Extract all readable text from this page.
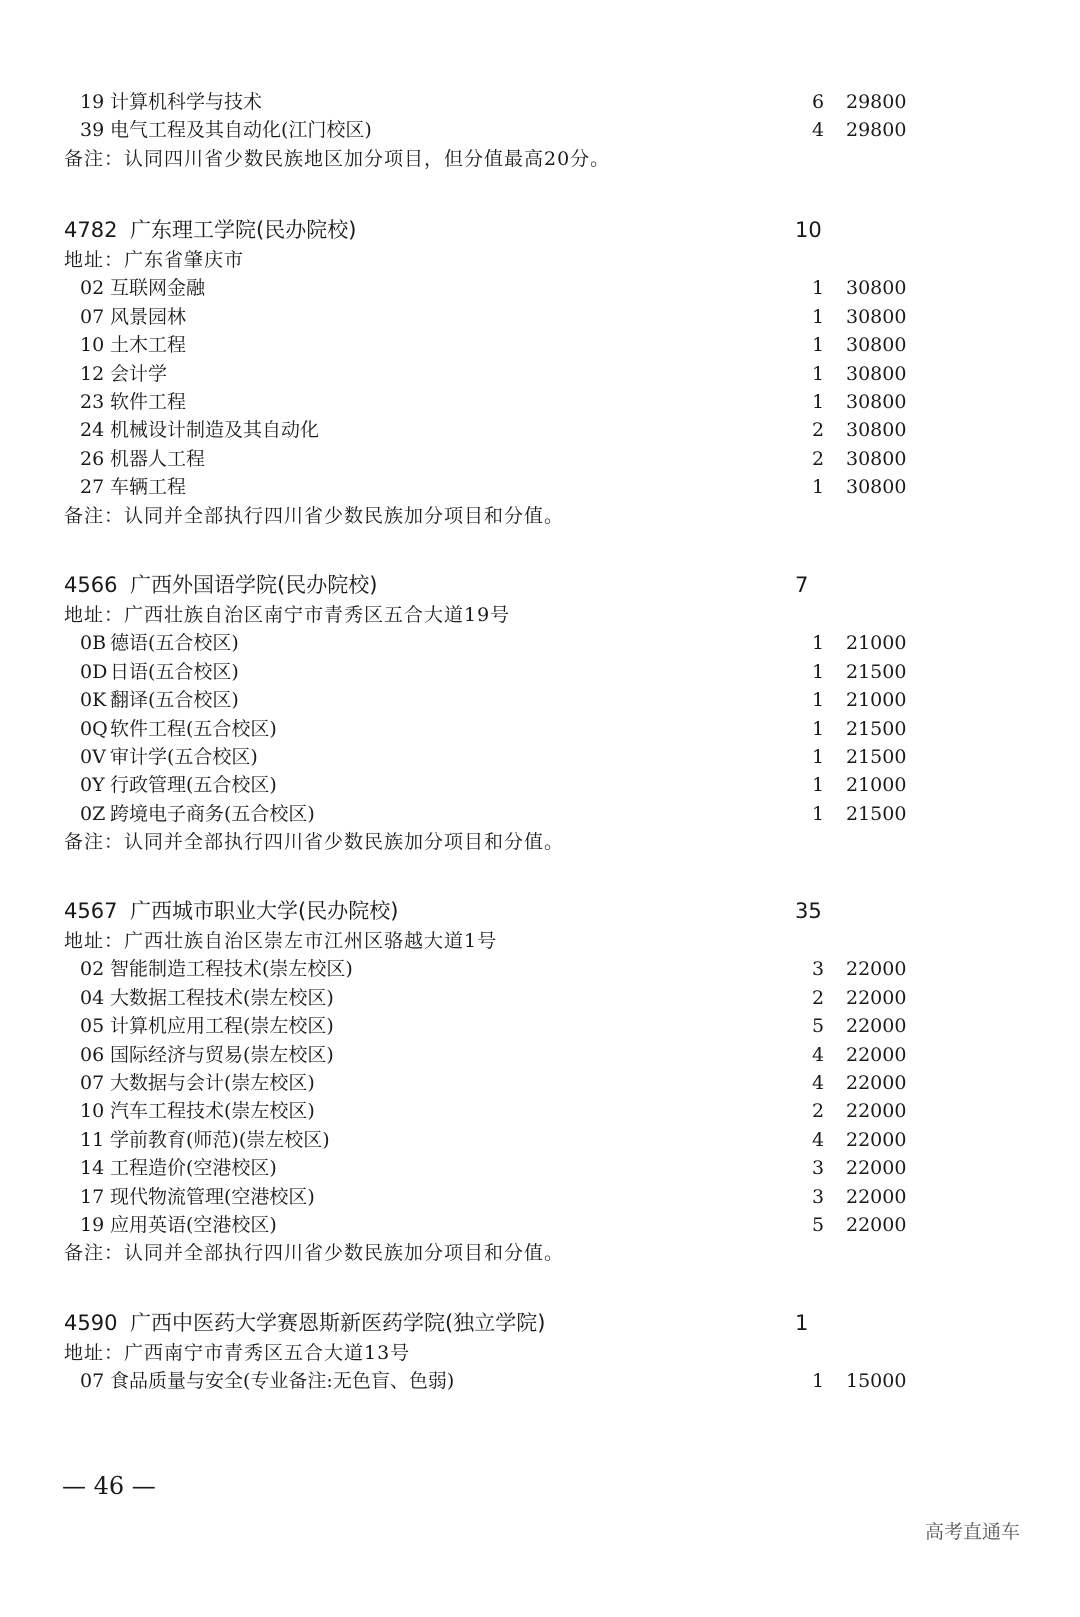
19 计算机科学与技术	6 29800
39 电气工程及其自动化(江门校区)	4 29800
备注：认同四川省少数民族地区加分项目，但分值最高20分。
4782 广东理工学院(民办院校)	10
地址：广东省肇庆市
02 互联网金融	1 30800
07 风景园林	1 30800
10 土木工程	1 30800
12 会计学	1 30800
23 软件工程	1 30800
24 机械设计制造及其自动化	2 30800
26 机器人工程	2 30800
27 车辆工程	1 30800
备注：认同并全部执行四川省少数民族加分项目和分值。
4566 广西外国语学院(民办院校)	7
地址：广西壮族自治区南宁市青秀区五合大道19号
0B 德语(五合校区)	1 21000
0D 日语(五合校区)	1 21500
0K 翻译(五合校区)	1 21000
0Q 软件工程(五合校区)	1 21500
0V 审计学(五合校区)	1 21500
0Y 行政管理(五合校区)	1 21000
0Z 跨境电子商务(五合校区)	1 21500
备注：认同并全部执行四川省少数民族加分项目和分值。
4567 广西城市职业大学(民办院校)	35
地址：广西壮族自治区崇左市江州区骆越大道1号
02 智能制造工程技术(崇左校区)	3 22000
04 大数据工程技术(崇左校区)	2 22000
05 计算机应用工程(崇左校区)	5 22000
06 国际经济与贸易(崇左校区)	4 22000
07 大数据与会计(崇左校区)	4 22000
10 汽车工程技术(崇左校区)	2 22000
11 学前教育(师范)(崇左校区)	4 22000
14 工程造价(空港校区)	3 22000
17 现代物流管理(空港校区)	3 22000
19 应用英语(空港校区)	5 22000
备注：认同并全部执行四川省少数民族加分项目和分值。
4590 广西中医药大学赛恩斯新医药学院(独立学院)	1
地址：广西南宁市青秀区五合大道13号
07 食品质量与安全(专业备注:无色盲、色弱)	1 15000
— 46 —
高考直通车
